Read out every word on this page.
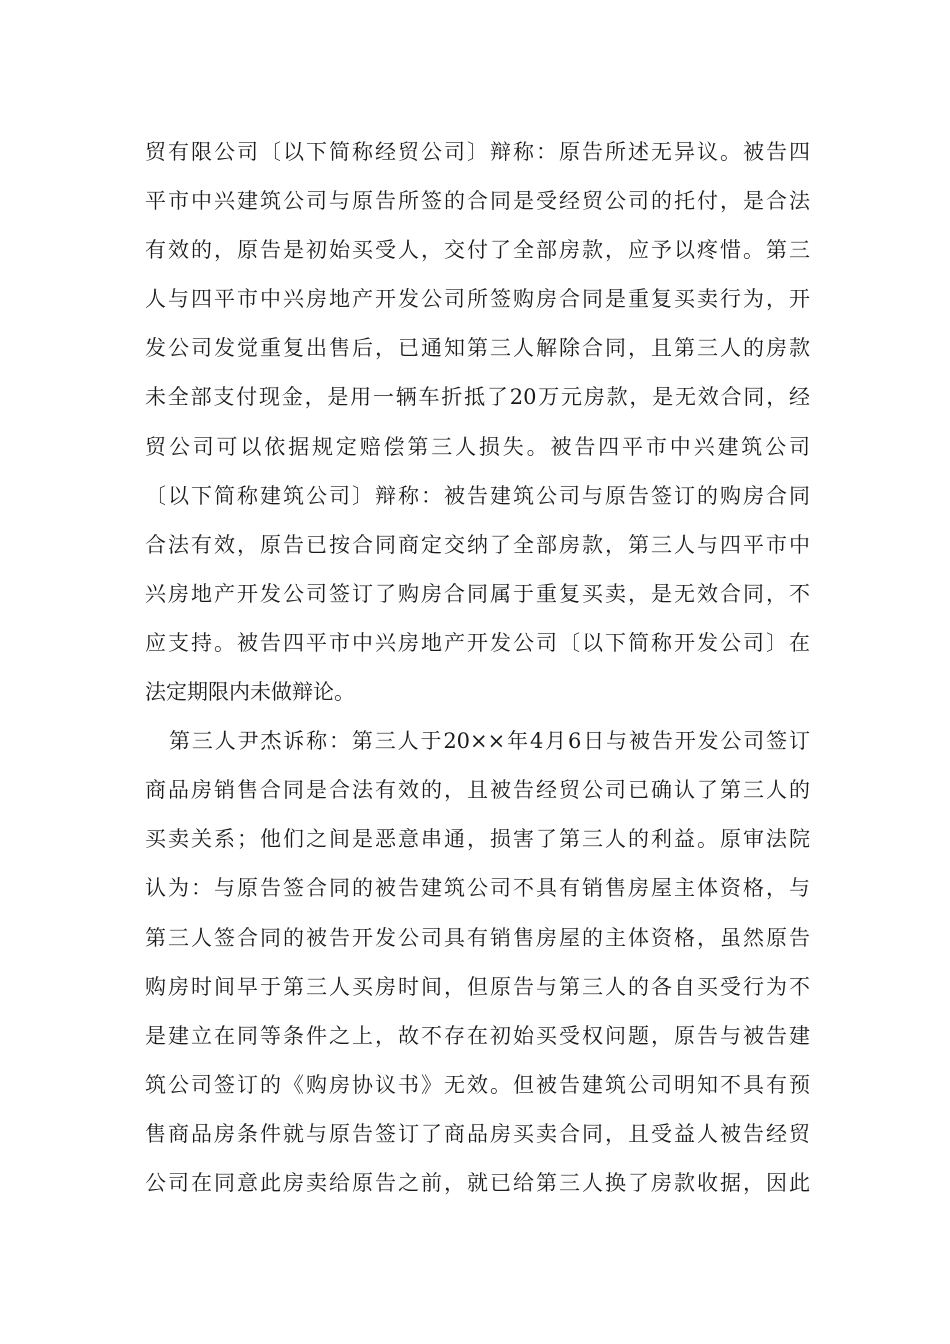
贸有限公司〔以下简称经贸公司〕辩称：原告所述无异议。被告四
平市中兴建筑公司与原告所签的合同是受经贸公司的托付，是合法
有效的，原告是初始买受人，交付了全部房款，应予以疼惜。第三
人与四平市中兴房地产开发公司所签购房合同是重复买卖行为，开
发公司发觉重复出售后，已通知第三人解除合同，且第三人的房款
未全部支付现金，是用一辆车折抵了20万元房款，是无效合同，经
贸公司可以依据规定赔偿第三人损失。被告四平市中兴建筑公司
〔以下简称建筑公司〕辩称：被告建筑公司与原告签订的购房合同
合法有效，原告已按合同商定交纳了全部房款，第三人与四平市中
兴房地产开发公司签订了购房合同属于重复买卖，是无效合同，不
应支持。被告四平市中兴房地产开发公司〔以下简称开发公司〕在
法定期限内未做辩论。
第三人尹杰诉称：第三人于20××年4月6日与被告开发公司签订
商品房销售合同是合法有效的，且被告经贸公司已确认了第三人的
买卖关系；他们之间是恶意串通，损害了第三人的利益。原审法院
认为：与原告签合同的被告建筑公司不具有销售房屋主体资格，与
第三人签合同的被告开发公司具有销售房屋的主体资格，虽然原告
购房时间早于第三人买房时间，但原告与第三人的各自买受行为不
是建立在同等条件之上，故不存在初始买受权问题，原告与被告建
筑公司签订的《购房协议书》无效。但被告建筑公司明知不具有预
售商品房条件就与原告签订了商品房买卖合同，且受益人被告经贸
公司在同意此房卖给原告之前，就已给第三人换了房款收据，因此
